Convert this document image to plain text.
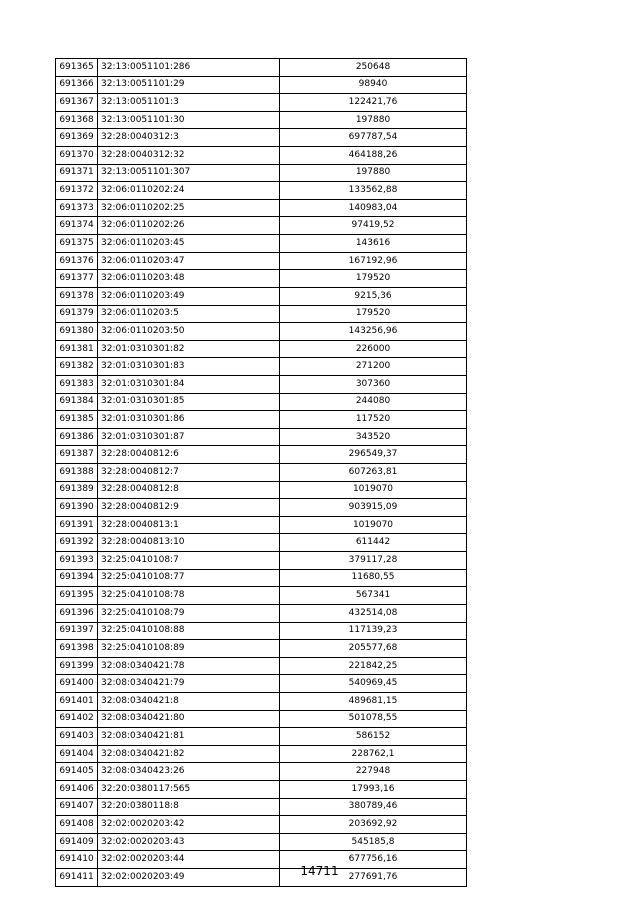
691365	32:13:0051101:286	250648
691366	32:13:0051101:29	98940
691367	32:13:0051101:3	122421,76
691368	32:13:0051101:30	197880
691369	32:28:0040312:3	697787,54
691370	32:28:0040312:32	464188,26
691371	32:13:0051101:307	197880
691372	32:06:0110202:24	133562,88
691373	32:06:0110202:25	140983,04
691374	32:06:0110202:26	97419,52
691375	32:06:0110203:45	143616
691376	32:06:0110203:47	167192,96
691377	32:06:0110203:48	179520
691378	32:06:0110203:49	9215,36
691379	32:06:0110203:5	179520
691380	32:06:0110203:50	143256,96
691381	32:01:0310301:82	226000
691382	32:01:0310301:83	271200
691383	32:01:0310301:84	307360
691384	32:01:0310301:85	244080
691385	32:01:0310301:86	117520
691386	32:01:0310301:87	343520
691387	32:28:0040812:6	296549,37
691388	32:28:0040812:7	607263,81
691389	32:28:0040812:8	1019070
691390	32:28:0040812:9	903915,09
691391	32:28:0040813:1	1019070
691392	32:28:0040813:10	611442
691393	32:25:0410108:7	379117,28
691394	32:25:0410108:77	11680,55
691395	32:25:0410108:78	567341
691396	32:25:0410108:79	432514,08
691397	32:25:0410108:88	117139,23
691398	32:25:0410108:89	205577,68
691399	32:08:0340421:78	221842,25
691400	32:08:0340421:79	540969,45
691401	32:08:0340421:8	489681,15
691402	32:08:0340421:80	501078,55
691403	32:08:0340421:81	586152
691404	32:08:0340421:82	228762,1
691405	32:08:0340423:26	227948
691406	32:20:0380117:565	17993,16
691407	32:20:0380118:8	380789,46
691408	32:02:0020203:42	203692,92
691409	32:02:0020203:43	545185,8
691410	32:02:0020203:44	677756,16
691411	32:02:0020203:49	277691,76
14711
